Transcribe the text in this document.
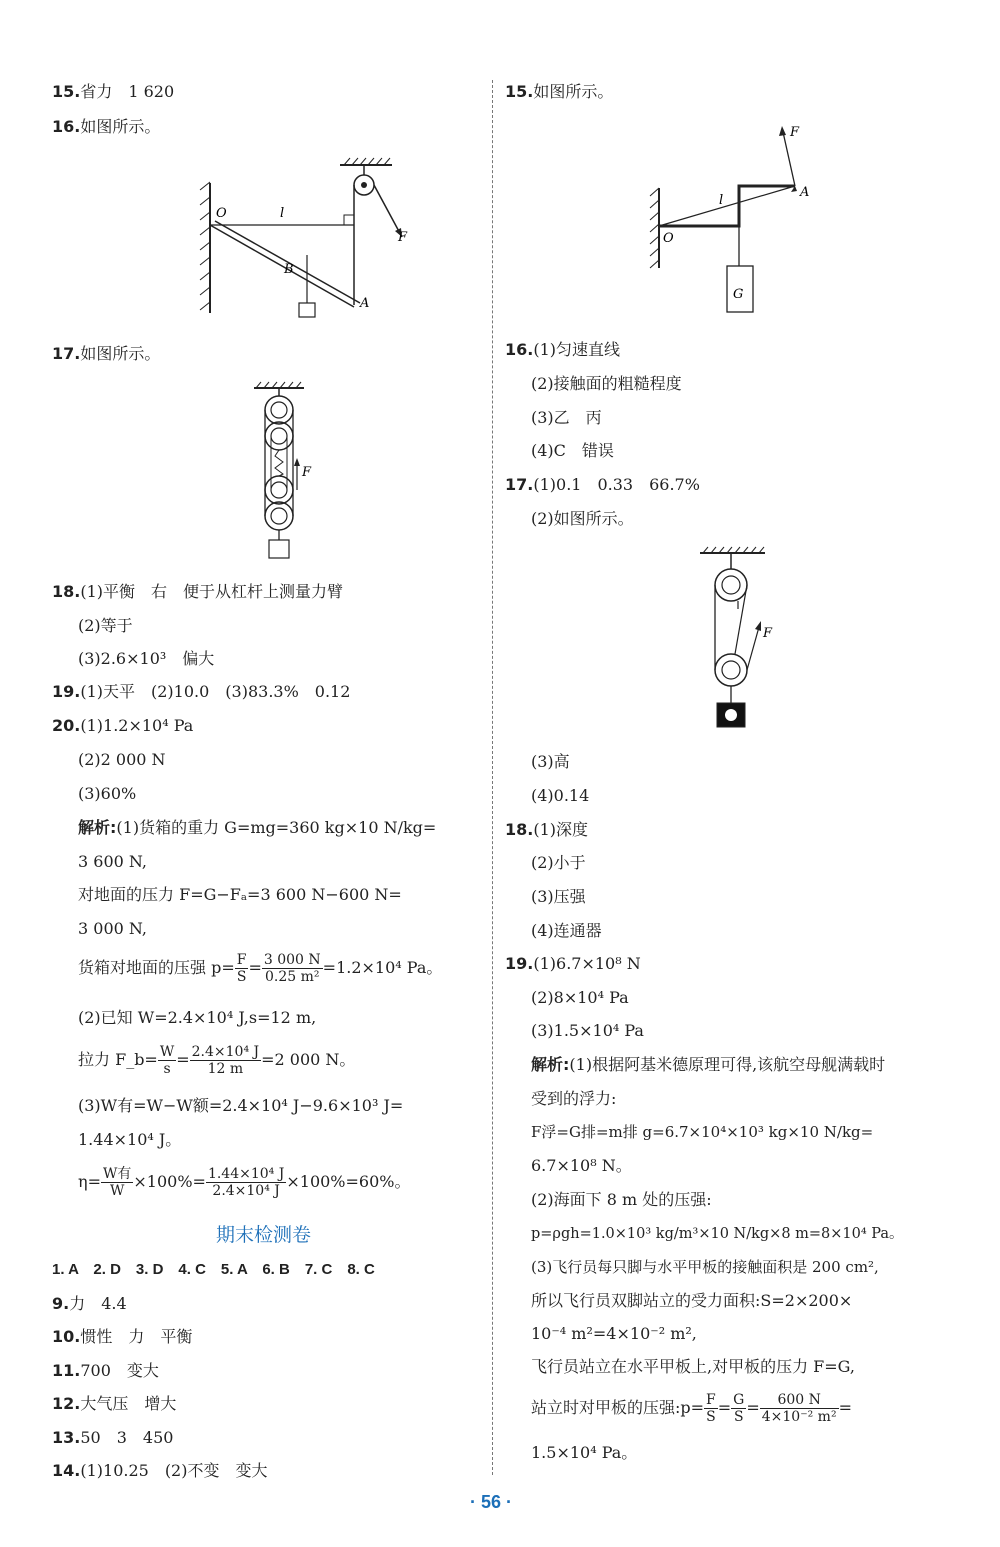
15.省力　1 620
16.如图所示。
O	l
F
B
A
17.如图所示。
F
18.(1)平衡　右　便于从杠杆上测量力臂
(2)等于
(3)2.6×10³　偏大
19.(1)天平　(2)10.0　(3)83.3%　0.12
20.(1)1.2×10⁴ Pa
(2)2 000 N
(3)60%
解析:(1)货箱的重力 G=mg=360 kg×10 N/kg=
3 600 N,
对地面的压力 F=G−Fₐ=3 600 N−600 N=
3 000 N,
货箱对地面的压强 $p= \frac{F}{S} = \frac{3 000 N}{\text{0.25 m²}} =1.2\times 10^4$ Pa。
(2)已知 W=2.4×10⁴ J,s=12 m,
拉力 F_b= $\frac{W}{s} = \frac{\text{2.4×10⁴ J}}{12 m} =2$ 000 N。
(3)W有=W−W额=2.4×10⁴ J−9.6×10³ J=
1.44×10⁴ J。
$\eta= \frac{\text{W有}}{W} \times 100\%= \frac{\text{1.44×10⁴ J}}{\text{2.4×10⁴ J}} \times 100\%=60\%$。
期末检测卷
1. A　2. D　3. D　4. C　5. A　6. B　7. C　8. C
9.力　4.4
10.惯性　力　平衡
11.700　变大
12.大气压　增大
13.50　3　450
14.(1)10.25　(2)不变　变大
15.如图所示。
F
A
l
O
G
16.(1)匀速直线
(2)接触面的粗糙程度
(3)乙　丙
(4)C　错误
17.(1)0.1　0.33　66.7%
(2)如图所示。
F
(3)高
(4)0.14
18.(1)深度
(2)小于
(3)压强
(4)连通器
19.(1)6.7×10⁸ N
(2)8×10⁴ Pa
(3)1.5×10⁴ Pa
解析:(1)根据阿基米德原理可得,该航空母舰满载时
受到的浮力:
F浮=G排=m排 g=6.7×10⁴×10³ kg×10 N/kg=
6.7×10⁸ N。
(2)海面下 8 m 处的压强:
p=ρgh=1.0×10³ kg/m³×10 N/kg×8 m=8×10⁴ Pa。
(3)飞行员每只脚与水平甲板的接触面积是 200 cm²,
所以飞行员双脚站立的受力面积:S=2×200×
10⁻⁴ m²=4×10⁻² m²,
飞行员站立在水平甲板上,对甲板的压力 F=G,
站立时对甲板的压强:p= $\frac{F}{S} = \frac{G}{S} = \frac{600 N}{\text{4×10⁻² m²}}$ =
1.5×10⁴ Pa。
· 56 ·
